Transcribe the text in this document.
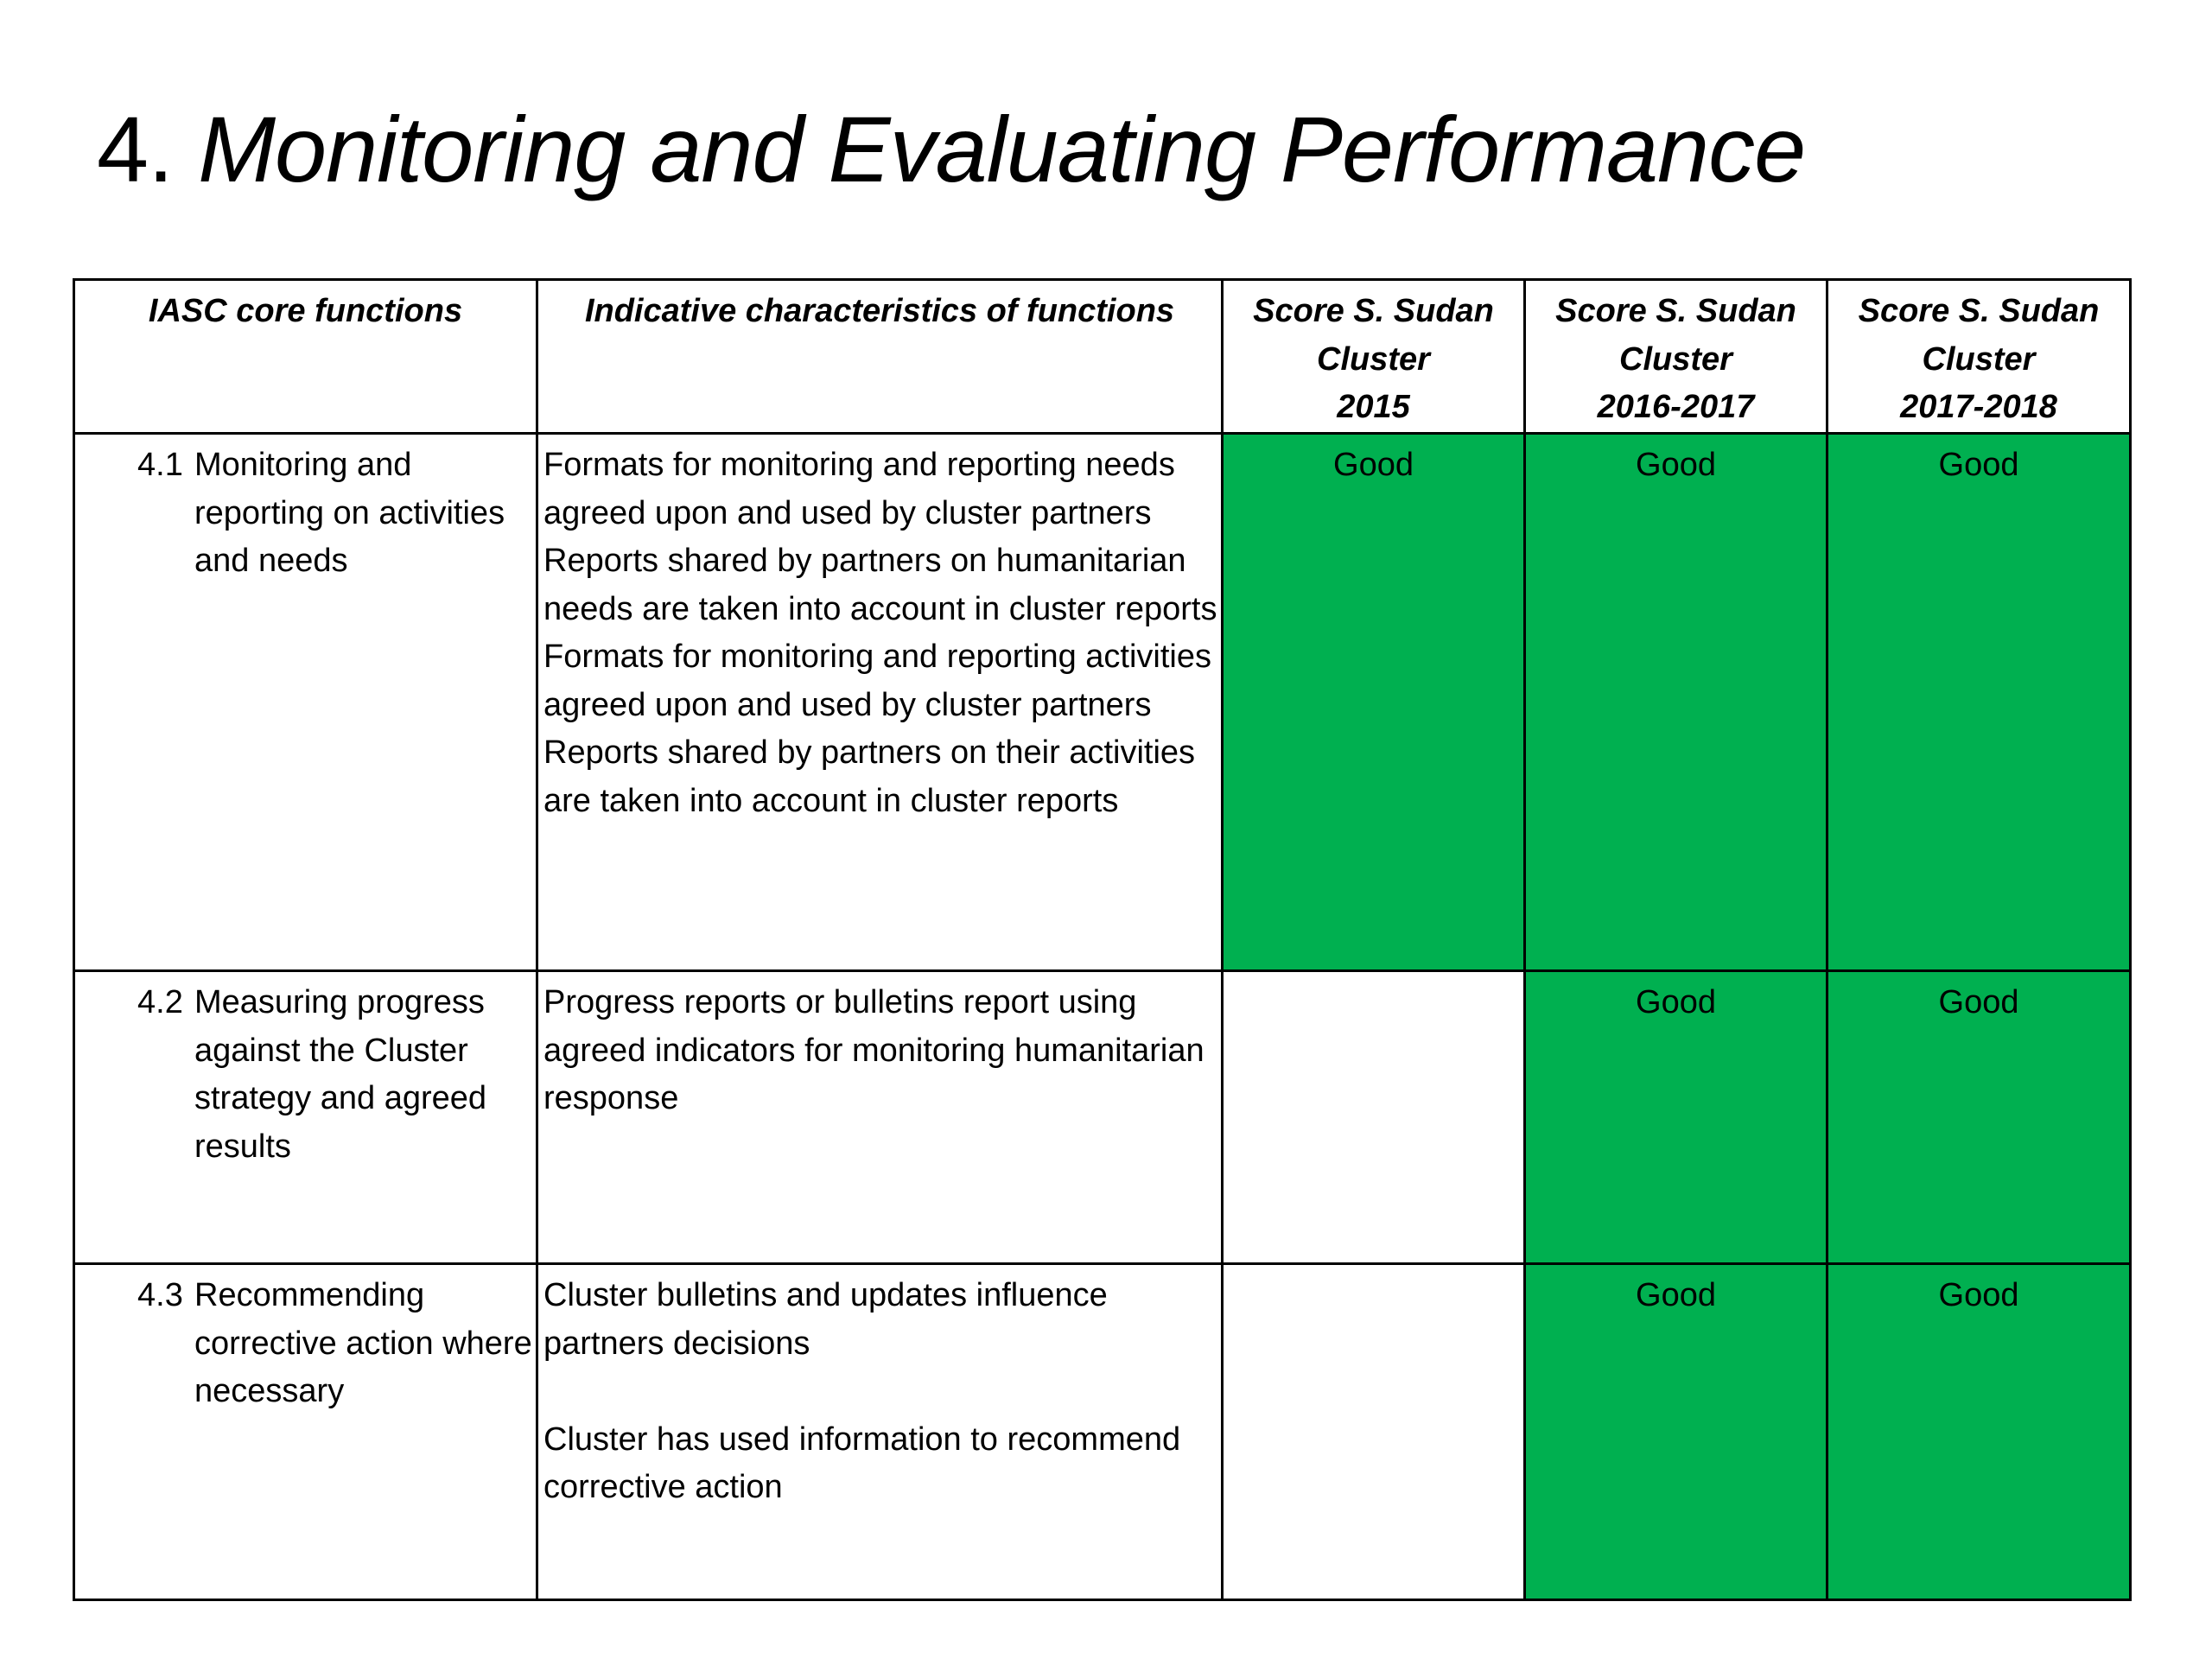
4. Monitoring and Evaluating Performance
IASC core functions	Indicative characteristics of functions	Score S. Sudan
Cluster
2015	Score S. Sudan
Cluster
2016-2017	Score S. Sudan
Cluster
2017-2018

4.1 Monitoring and reporting on activities and needs	Formats for monitoring and reporting needs agreed upon and used by cluster partners
Reports shared by partners on humanitarian needs are taken into account in cluster reports
Formats for monitoring and reporting activities agreed upon and used by cluster partners
Reports shared by partners on their activities are taken into account in cluster reports	Good	Good	Good

4.2 Measuring progress against the Cluster strategy and agreed results	Progress reports or bulletins report using agreed indicators for monitoring humanitarian response		Good	Good

4.3 Recommending corrective action where necessary	Cluster bulletins and updates influence partners decisions
Cluster has used information to recommend corrective action		Good	Good
